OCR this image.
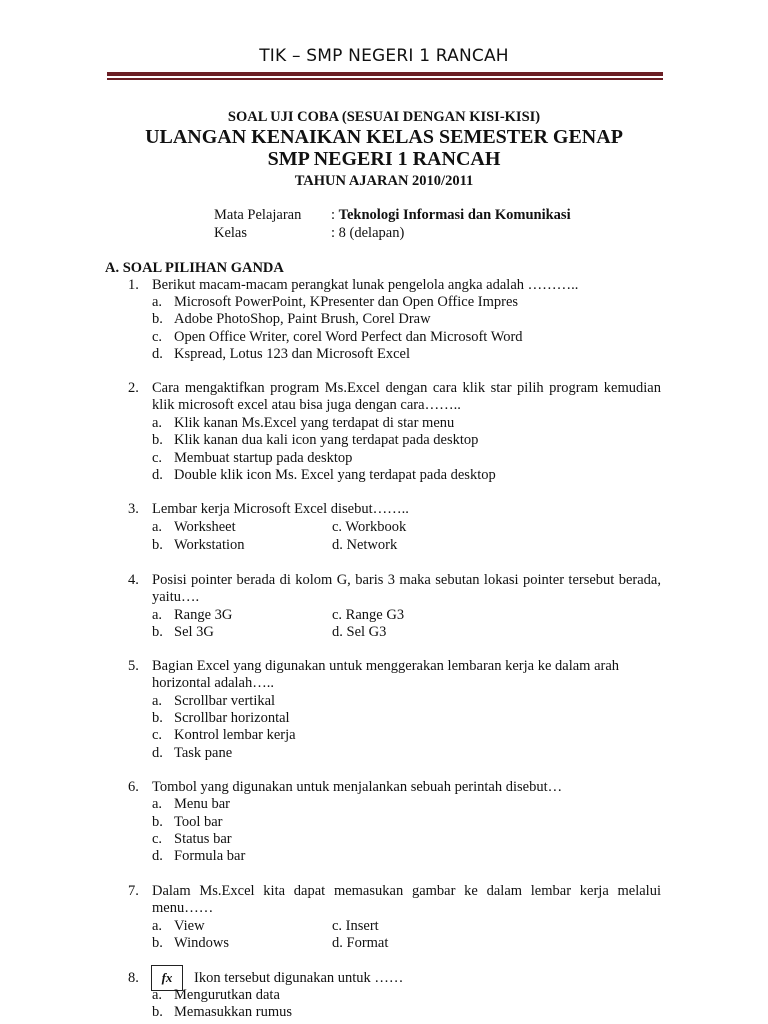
TIK – SMP NEGERI 1 RANCAH
SOAL UJI COBA (SESUAI DENGAN KISI-KISI)
ULANGAN KENAIKAN KELAS SEMESTER GENAP
SMP NEGERI 1 RANCAH
TAHUN AJARAN 2010/2011
Mata Pelajaran : Teknologi Informasi dan Komunikasi
Kelas	: 8 (delapan)
A. SOAL PILIHAN GANDA
1. Berikut macam-macam perangkat lunak pengelola angka adalah ………..
a. Microsoft PowerPoint, KPresenter dan Open Office Impres
b. Adobe PhotoShop, Paint Brush, Corel Draw
c. Open Office Writer, corel Word Perfect dan Microsoft Word
d. Kspread, Lotus 123 dan Microsoft Excel
2. Cara mengaktifkan program Ms.Excel dengan cara klik star pilih program kemudian klik microsoft excel atau bisa juga dengan cara……..
a. Klik kanan Ms.Excel yang terdapat di star menu
b. Klik kanan dua kali icon yang terdapat pada desktop
c. Membuat startup pada desktop
d. Double klik icon Ms. Excel yang terdapat pada desktop
3. Lembar kerja Microsoft Excel disebut……..
a. Worksheet	c. Workbook
b. Workstation	d. Network
4. Posisi pointer berada di kolom G, baris 3 maka sebutan lokasi pointer tersebut berada, yaitu….
a. Range 3G	c. Range G3
b. Sel 3G	d. Sel G3
5. Bagian Excel yang digunakan untuk menggerakan lembaran kerja ke dalam arah horizontal adalah…..
a. Scrollbar vertikal
b. Scrollbar horizontal
c. Kontrol lembar kerja
d. Task pane
6. Tombol yang digunakan untuk menjalankan sebuah perintah disebut…
a. Menu bar
b. Tool bar
c. Status bar
d. Formula bar
7. Dalam Ms.Excel kita dapat memasukan gambar ke dalam lembar kerja melalui menu……
a. View	c. Insert
b. Windows	d. Format
8.	fx	Ikon tersebut digunakan untuk ……
a. Mengurutkan data
b. Memasukkan rumus
